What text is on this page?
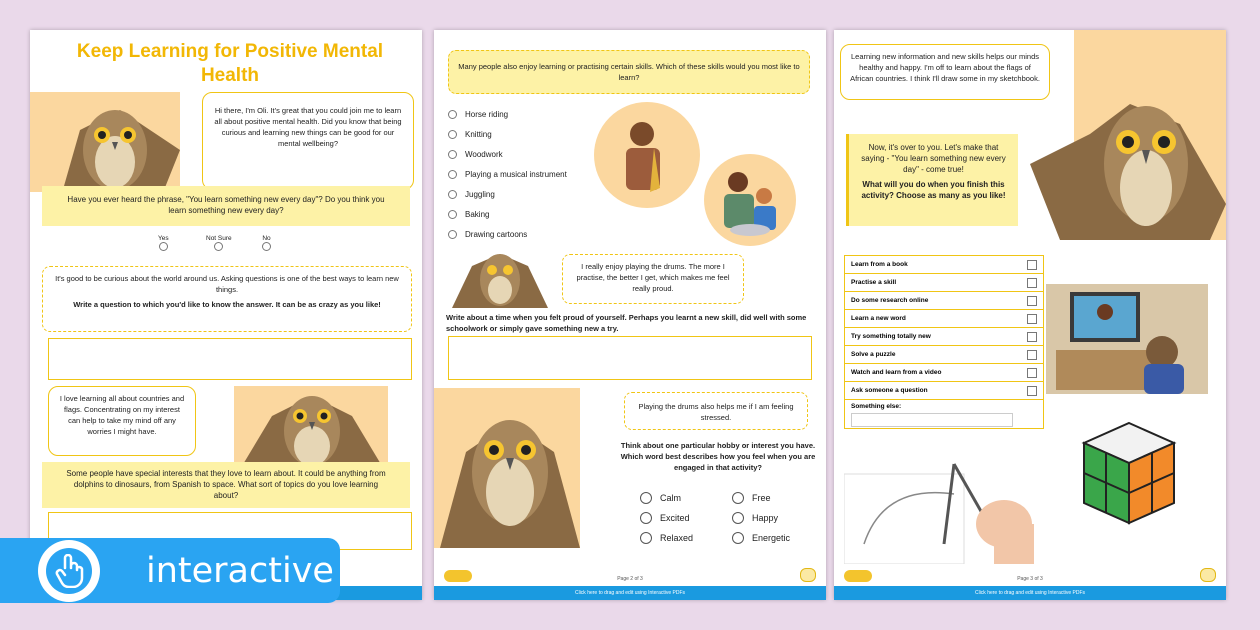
Keep Learning for Positive Mental Health
Hi there, I'm Oli. It's great that you could join me to learn all about positive mental health. Did you know that being curious and learning new things can be good for our mental wellbeing?
Have you ever heard the phrase, "You learn something new every day"? Do you think you learn something new every day?
Yes	Not Sure	No
It's good to be curious about the world around us. Asking questions is one of the best ways to learn new things.
Write a question to which you'd like to know the answer. It can be as crazy as you like!
I love learning all about countries and flags. Concentrating on my interest can help to take my mind off any worries I might have.
Some people have special interests that they love to learn about. It could be anything from dolphins to dinosaurs, from Spanish to space. What sort of topics do you love learning about?
Many people also enjoy learning or practising certain skills. Which of these skills would you most like to learn?
Horse riding
Knitting
Woodwork
Playing a musical instrument
Juggling
Baking
Drawing cartoons
I really enjoy playing the drums. The more I practise, the better I get, which makes me feel really proud.
Write about a time when you felt proud of yourself. Perhaps you learnt a new skill, did well with some schoolwork or simply gave something new a try.
Playing the drums also helps me if I am feeling stressed.
Think about one particular hobby or interest you have. Which word best describes how you feel when you are engaged in that activity?
Calm	Free
Excited	Happy
Relaxed	Energetic
Page 2 of 3
Click here to drag and edit using Interactive PDFs
Learning new information and new skills helps our minds healthy and happy. I'm off to learn about the flags of African countries. I think I'll draw some in my sketchbook.
Now, it's over to you. Let's make that saying - "You learn something new every day" - come true!
What will you do when you finish this activity? Choose as many as you like!
Learn from a book
Practise a skill
Do some research online
Learn a new word
Try something totally new
Solve a puzzle
Watch and learn from a video
Ask someone a question
Something else:
Page 3 of 3
Click here to drag and edit using Interactive PDFs
interactive
